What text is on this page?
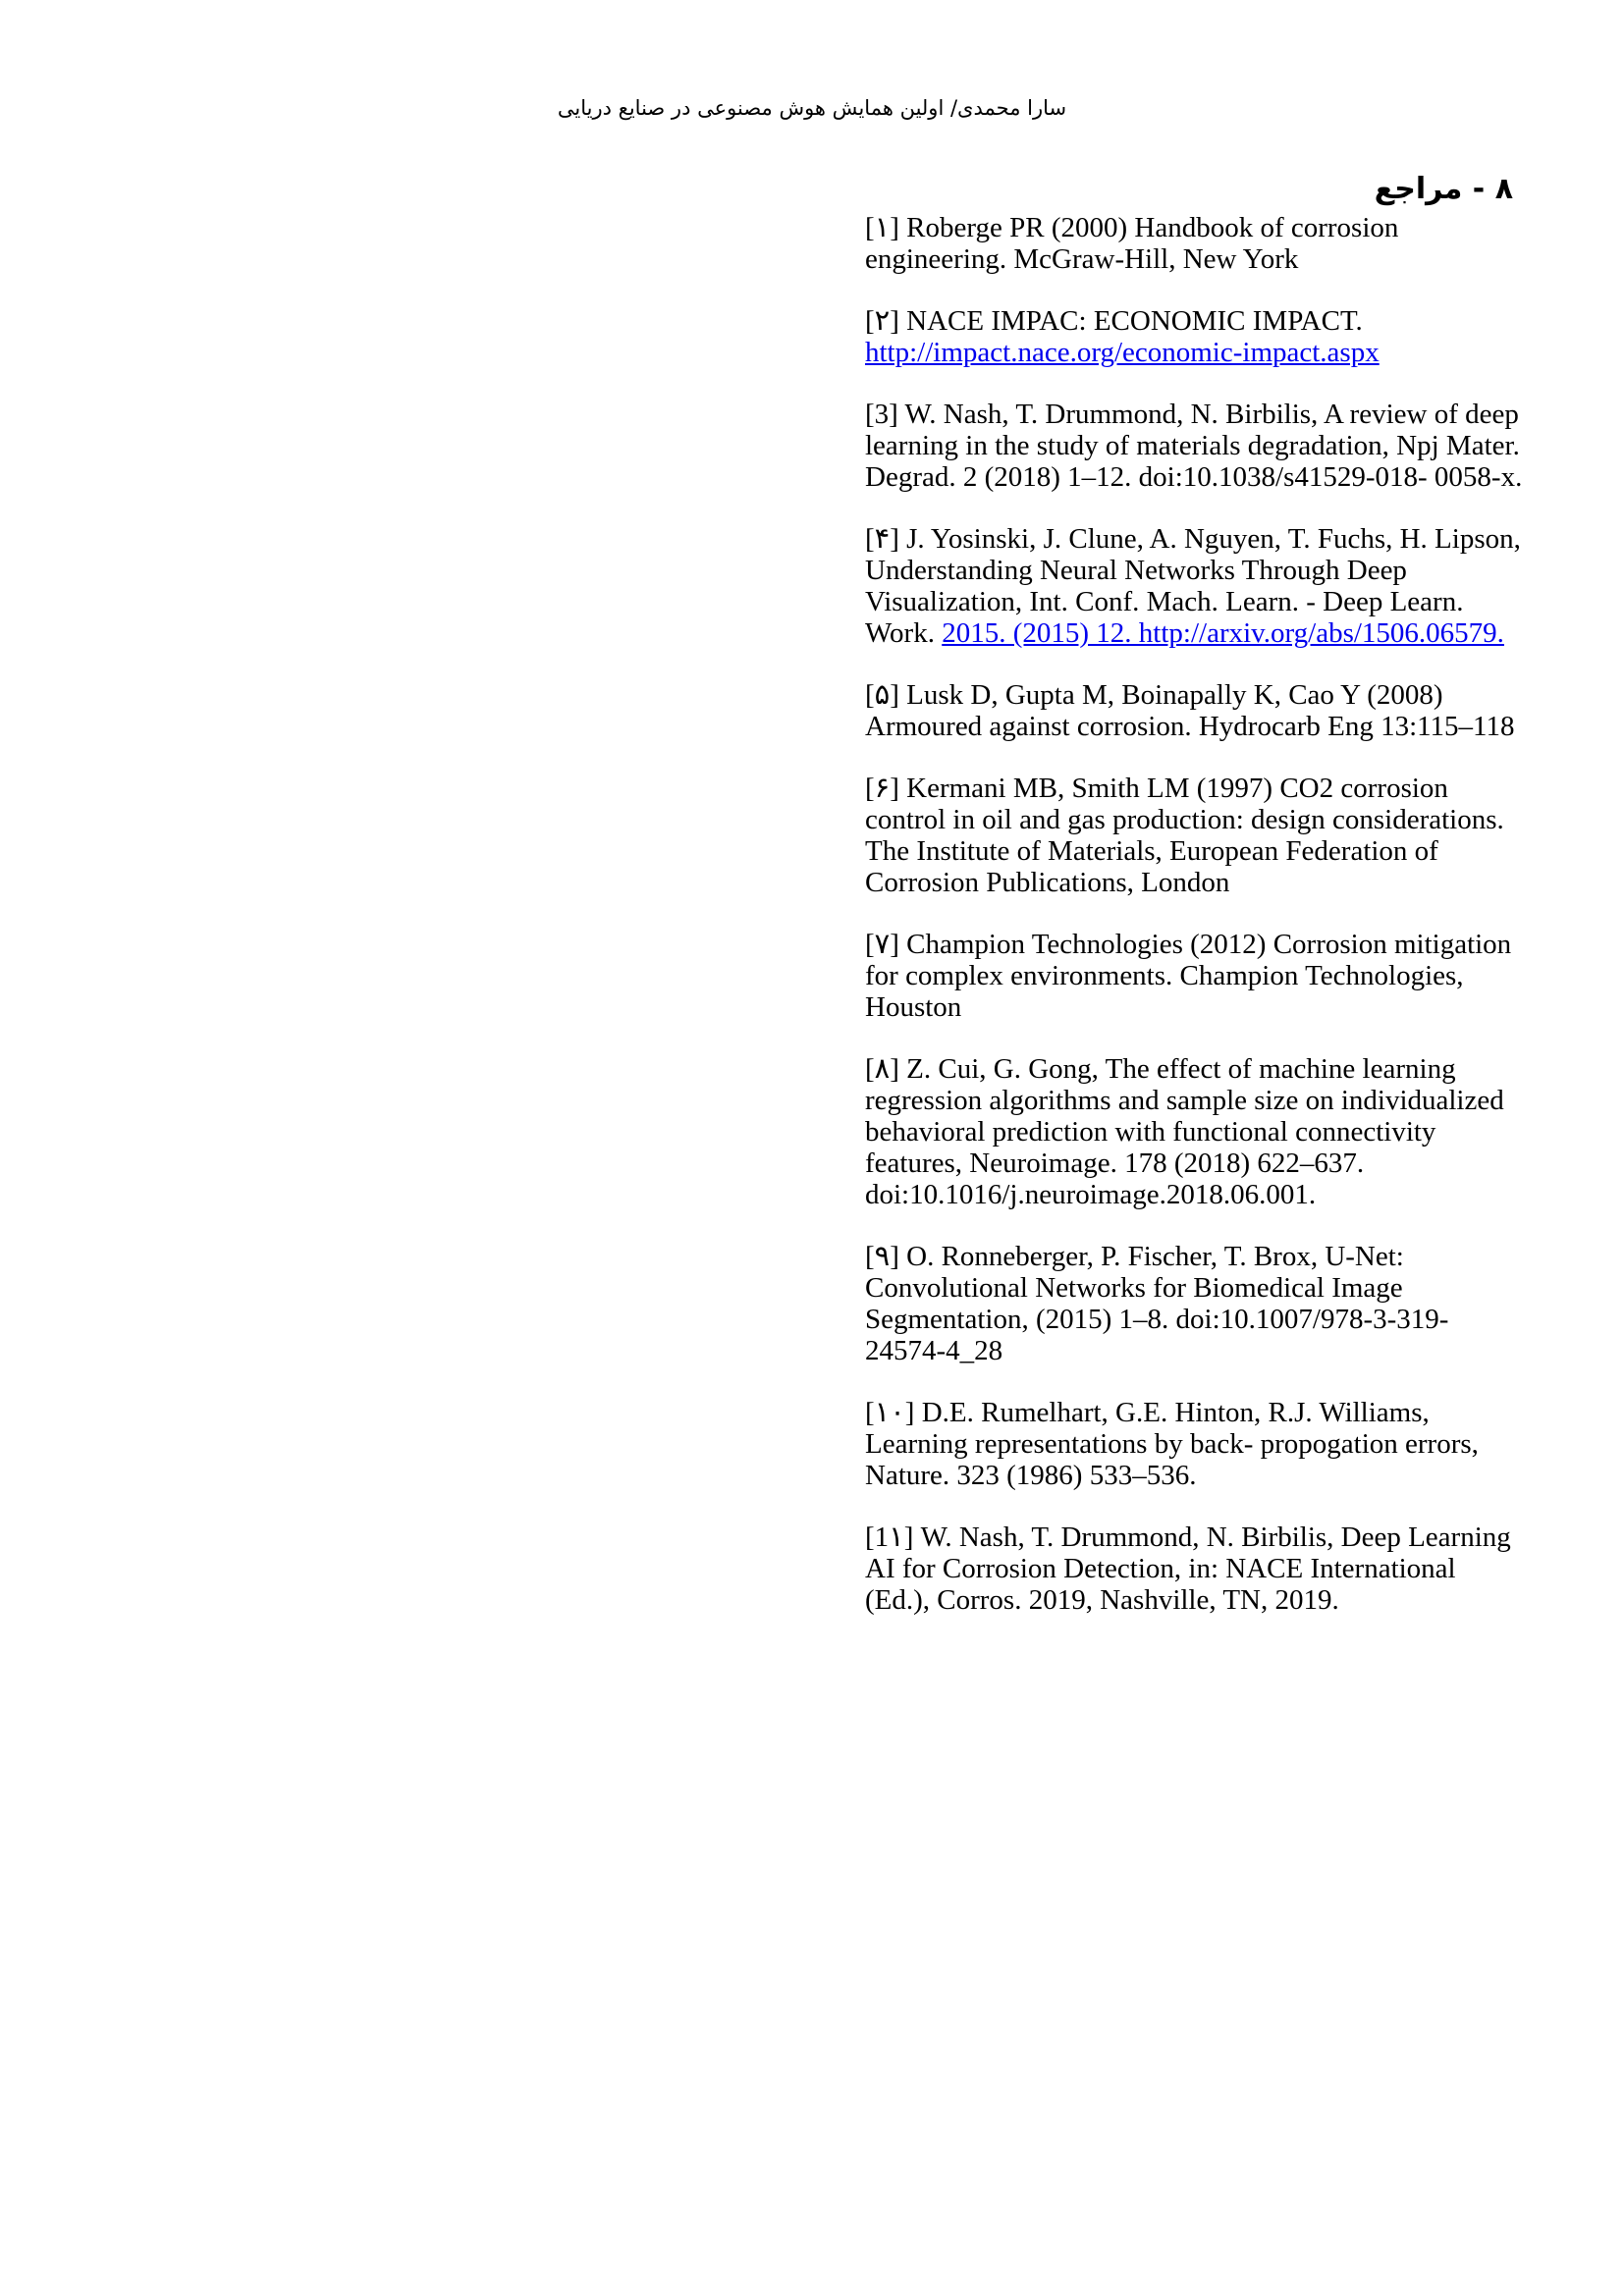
سارا محمدی/ اولین همایش هوش مصنوعی در صنایع دریایی
۸ - مراجع

[۱] Roberge PR (2000) Handbook of corrosion engineering. McGraw-Hill, New York

[۲] NACE IMPAC: ECONOMIC IMPACT. http://impact.nace.org/economic-impact.aspx

[3] W. Nash, T. Drummond, N. Birbilis, A review of deep learning in the study of materials degradation, Npj Mater. Degrad. 2 (2018) 1–12. doi:10.1038/s41529-018- 0058-x.

[۴] J. Yosinski, J. Clune, A. Nguyen, T. Fuchs, H. Lipson, Understanding Neural Networks Through Deep Visualization, Int. Conf. Mach. Learn. - Deep Learn. Work. 2015. (2015) 12. http://arxiv.org/abs/1506.06579.

[۵] Lusk D, Gupta M, Boinapally K, Cao Y (2008) Armoured against corrosion. Hydrocarb Eng 13:115–118

[۶] Kermani MB, Smith LM (1997) CO2 corrosion control in oil and gas production: design considerations. The Institute of Materials, European Federation of Corrosion Publications, London

[۷] Champion Technologies (2012) Corrosion mitigation for complex environments. Champion Technologies, Houston

[۸] Z. Cui, G. Gong, The effect of machine learning regression algorithms and sample size on individualized behavioral prediction with functional connectivity features, Neuroimage. 178 (2018) 622–637. doi:10.1016/j.neuroimage.2018.06.001.

[۹] O. Ronneberger, P. Fischer, T. Brox, U-Net: Convolutional Networks for Biomedical Image Segmentation, (2015) 1–8. doi:10.1007/978-3-319-24574-4_28

[۱۰] D.E. Rumelhart, G.E. Hinton, R.J. Williams, Learning representations by back- propogation errors, Nature. 323 (1986) 533–536.

[1۱] W. Nash, T. Drummond, N. Birbilis, Deep Learning AI for Corrosion Detection, in: NACE International (Ed.), Corros. 2019, Nashville, TN, 2019.
